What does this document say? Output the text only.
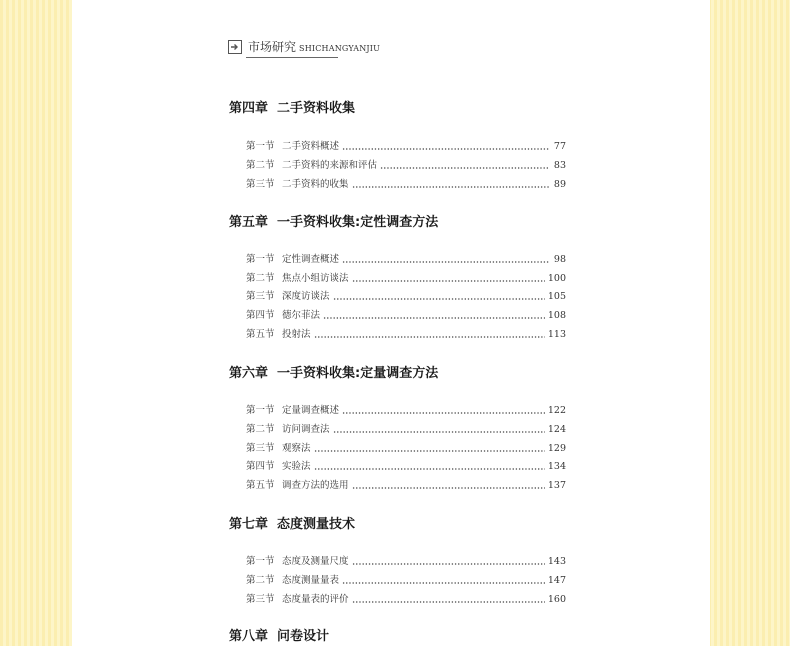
市场研究 SHICHANGYANJIU
第四章 二手资料收集
第一节 二手资料概述	77
第二节 二手资料的来源和评估	83
第三节 二手资料的收集	89
第五章 一手资料收集:定性调查方法
第一节 定性调查概述	98
第二节 焦点小组访谈法	100
第三节 深度访谈法	105
第四节 德尔菲法	108
第五节 投射法	113
第六章 一手资料收集:定量调查方法
第一节 定量调查概述	122
第二节 访问调查法	124
第三节 观察法	129
第四节 实验法	134
第五节 调查方法的选用	137
第七章 态度测量技术
第一节 态度及测量尺度	143
第二节 态度测量量表	147
第三节 态度量表的评价	160
第八章 问卷设计
